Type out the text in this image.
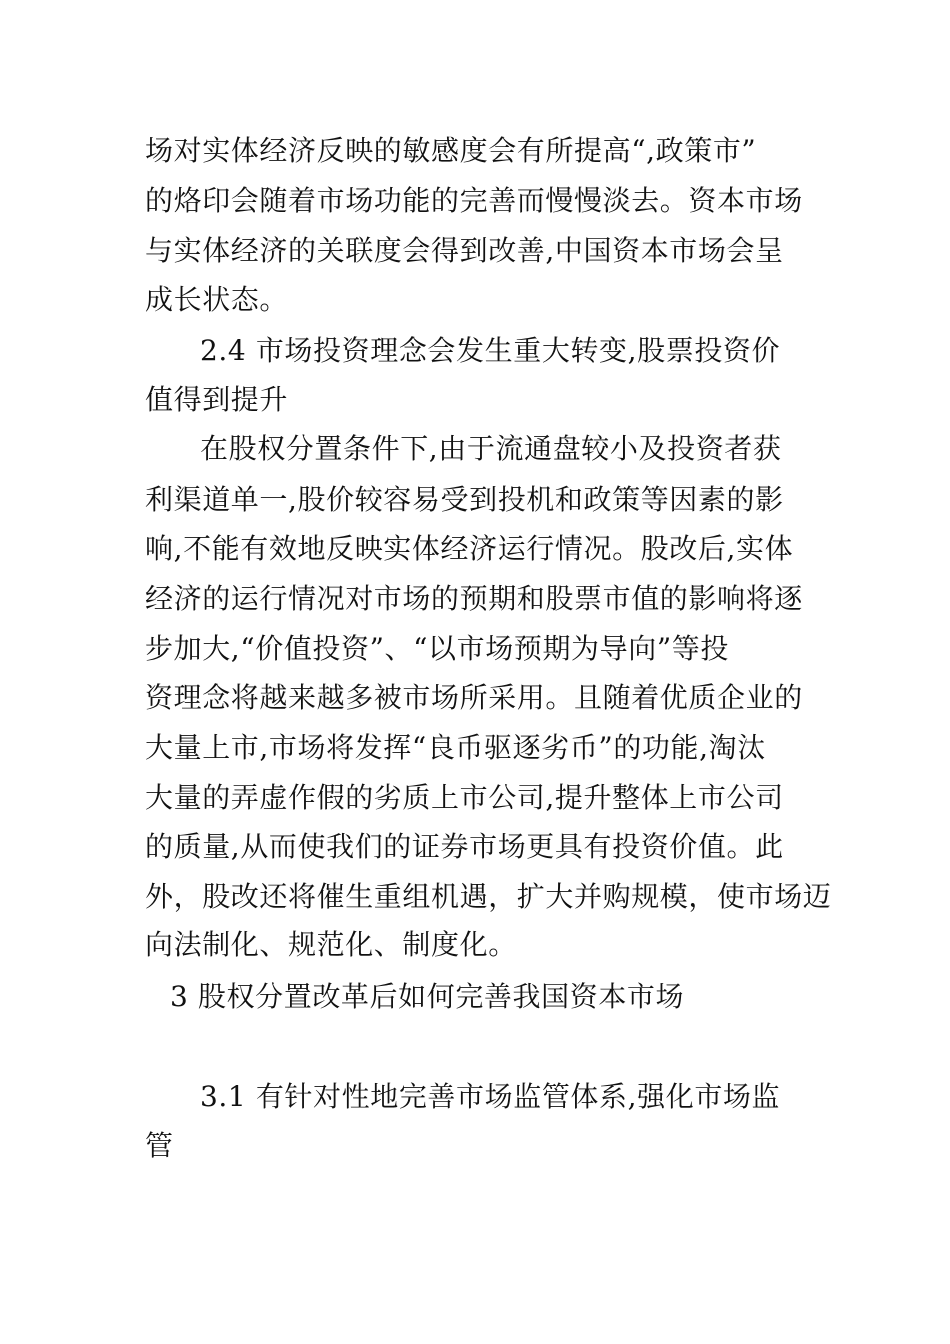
场对实体经济反映的敏感度会有所提高“,政策市”
的烙印会随着市场功能的完善而慢慢淡去。资本市场
与实体经济的关联度会得到改善,中国资本市场会呈
成长状态。
2.4 市场投资理念会发生重大转变,股票投资价
值得到提升
在股权分置条件下,由于流通盘较小及投资者获
利渠道单一,股价较容易受到投机和政策等因素的影
响,不能有效地反映实体经济运行情况。股改后,实体
经济的运行情况对市场的预期和股票市值的影响将逐
步加大,“价值投资”、“以市场预期为导向”等投
资理念将越来越多被市场所采用。且随着优质企业的
大量上市,市场将发挥“良币驱逐劣币”的功能,淘汰
大量的弄虚作假的劣质上市公司,提升整体上市公司
的质量,从而使我们的证券市场更具有投资价值。此
外，股改还将催生重组机遇，扩大并购规模，使市场迈
向法制化、规范化、制度化。
3 股权分置改革后如何完善我国资本市场
3.1 有针对性地完善市场监管体系,强化市场监
管
